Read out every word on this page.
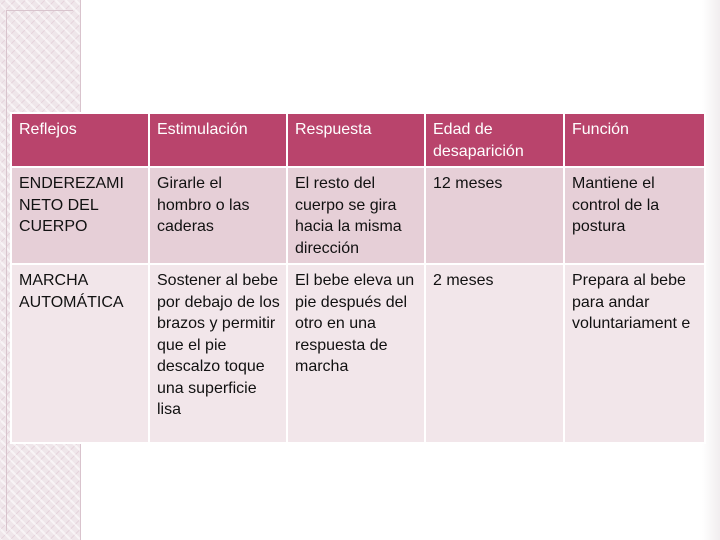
Reflejos	Estimulación	Respuesta	Edad de desaparición	Función
ENDEREZAMI NETO DEL CUERPO	Girarle el hombro o las caderas	El resto del cuerpo se gira hacia la misma dirección	12 meses	Mantiene el control de la postura
MARCHA AUTOMÁTICA	Sostener al bebe por debajo de los brazos y permitir que el pie descalzo toque una superficie lisa	El bebe eleva un pie después del otro en una respuesta de marcha	2 meses	Prepara al bebe para andar voluntariament e
